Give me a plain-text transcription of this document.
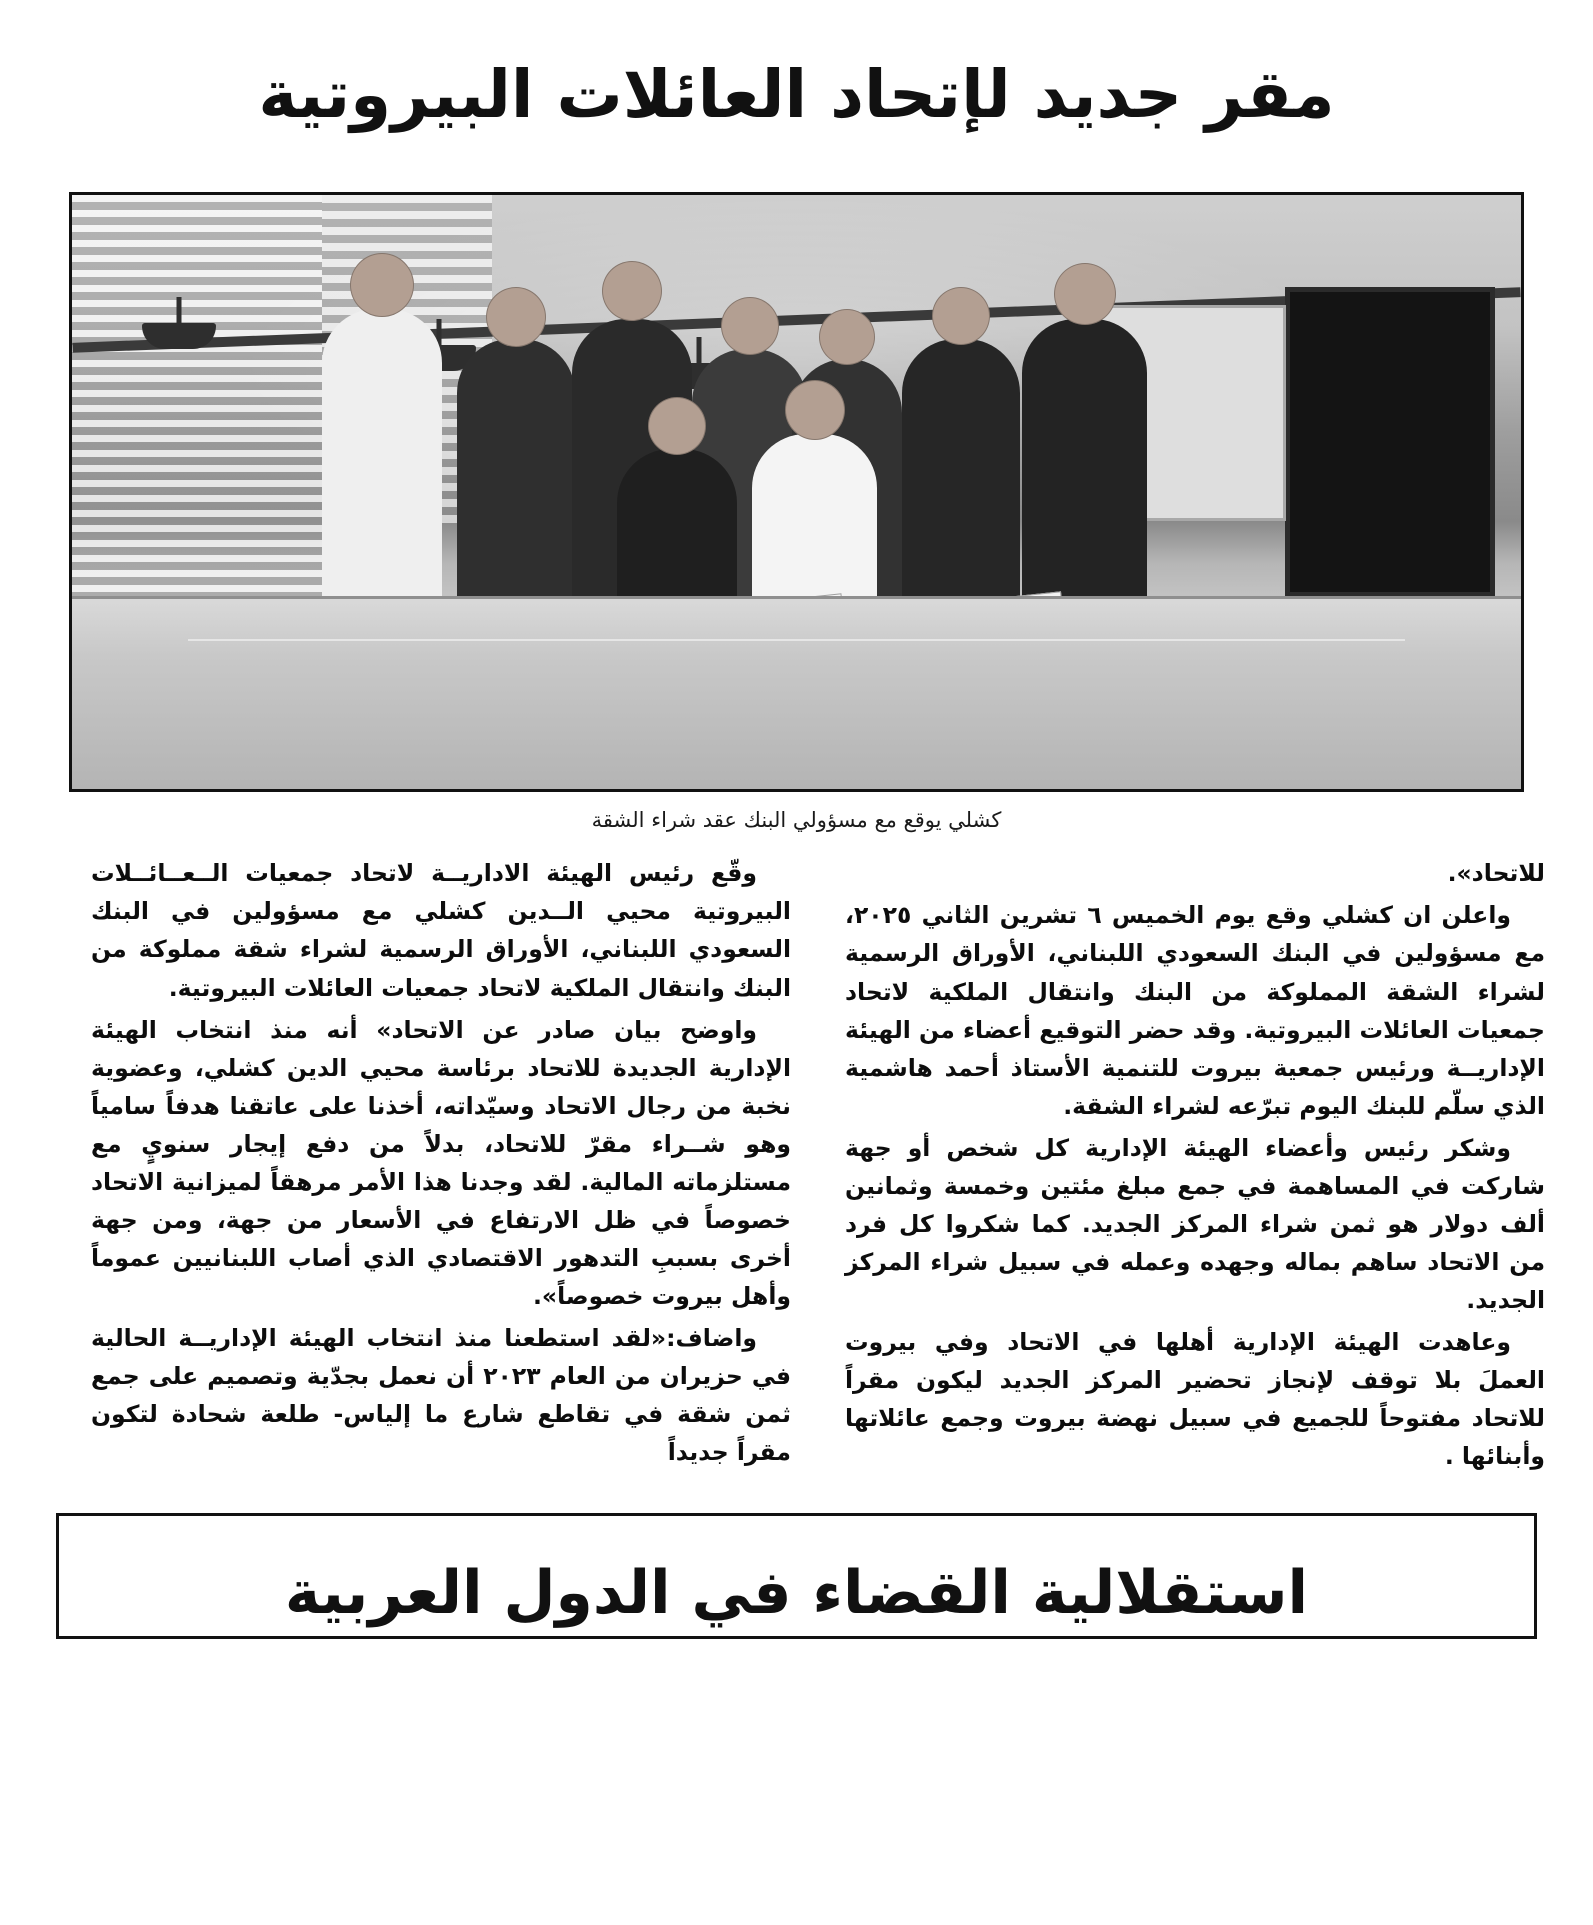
مقر جديد لإتحاد العائلات البيروتية
كشلي يوقع مع مسؤولي البنك عقد شراء الشقة

للاتحاد».

واعلن ان كشلي وقع يوم الخميس ٦ تشرين الثاني ٢٠٢٥، مع مسؤولين في البنك السعودي اللبناني، الأوراق الرسمية لشراء الشقة المملوكة من البنك وانتقال الملكية لاتحاد جمعيات العائلات البيروتية. وقد حضر التوقيع أعضاء من الهيئة الإداريــة ورئيس جمعية بيروت للتنمية الأستاذ أحمد هاشمية الذي سلّم للبنك اليوم تبرّعه لشراء الشقة.

وشكر رئيس وأعضاء الهيئة الإدارية كل شخص أو جهة شاركت في المساهمة في جمع مبلغ مئتين وخمسة وثمانين ألف دولار هو ثمن شراء المركز الجديد. كما شكروا كل فرد من الاتحاد ساهم بماله وجهده وعمله في سبيل شراء المركز الجديد.

وعاهدت الهيئة الإدارية أهلها في الاتحاد وفي بيروت العملَ بلا توقف لإنجاز تحضير المركز الجديد ليكون مقراً للاتحاد مفتوحاً للجميع في سبيل نهضة بيروت وجمع عائلاتها وأبنائها .

وقّع رئيس الهيئة الاداريــة لاتحاد جمعيات الــعــائــلات البيروتية محيي الــدين كشلي مع مسؤولين في البنك السعودي اللبناني، الأوراق الرسمية لشراء شقة مملوكة من البنك وانتقال الملكية لاتحاد جمعيات العائلات البيروتية.

واوضح بيان صادر عن الاتحاد» أنه منذ انتخاب الهيئة الإدارية الجديدة للاتحاد برئاسة محيي الدين كشلي، وعضوية نخبة من رجال الاتحاد وسيّداته، أخذنا على عاتقنا هدفاً سامياً وهو شــراء مقرّ للاتحاد، بدلاً من دفع إيجار سنويٍ مع مستلزماته المالية. لقد وجدنا هذا الأمر مرهقاً لميزانية الاتحاد خصوصاً في ظل الارتفاع في الأسعار من جهة، ومن جهة أخرى بسببِ التدهور الاقتصادي الذي أصاب اللبنانيين عموماً وأهل بيروت خصوصاً».

واضاف:«لقد استطعنا منذ انتخاب الهيئة الإداريــة الحالية في حزيران من العام ٢٠٢٣ أن نعمل بجدّية وتصميم على جمع ثمن شقة في تقاطع شارع ما إلياس- طلعة شحادة لتكون مقراً جديداً

استقلالية القضاء في الدول العربية
